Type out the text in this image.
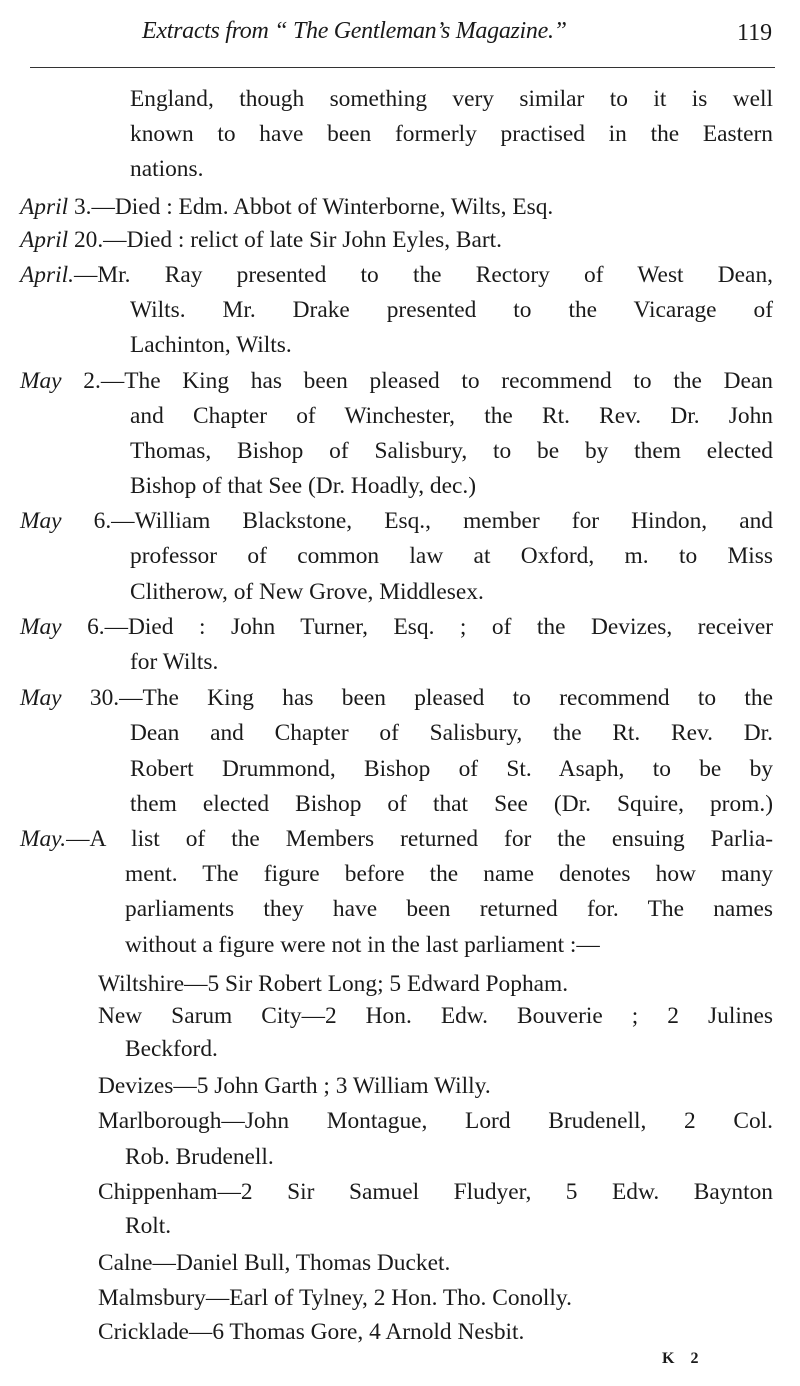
Extracts from “ The Gentleman’s Magazine.”	119
England, though something very similar to it is well
known to have been formerly practised in the Eastern
nations.
April 3.—Died : Edm. Abbot of Winterborne, Wilts, Esq.
April 20.—Died : relict of late Sir John Eyles, Bart.
April.—Mr. Ray presented to the Rectory of West Dean,
Wilts. Mr. Drake presented to the Vicarage of
Lachinton, Wilts.
May 2.—The King has been pleased to recommend to the Dean
and Chapter of Winchester, the Rt. Rev. Dr. John
Thomas, Bishop of Salisbury, to be by them elected
Bishop of that See (Dr. Hoadly, dec.)
May 6.—William Blackstone, Esq., member for Hindon, and
professor of common law at Oxford, m. to Miss
Clitherow, of New Grove, Middlesex.
May 6.—Died : John Turner, Esq. ; of the Devizes, receiver
for Wilts.
May 30.—The King has been pleased to recommend to the
Dean and Chapter of Salisbury, the Rt. Rev. Dr.
Robert Drummond, Bishop of St. Asaph, to be by
them elected Bishop of that See (Dr. Squire, prom.)
May.—A list of the Members returned for the ensuing Parlia-
ment. The figure before the name denotes how many
parliaments they have been returned for. The names
without a figure were not in the last parliament :—
Wiltshire—5 Sir Robert Long; 5 Edward Popham.
New Sarum City—2 Hon. Edw. Bouverie ; 2 Julines
Beckford.
Devizes—5 John Garth ; 3 William Willy.
Marlborough—John Montague, Lord Brudenell, 2 Col.
Rob. Brudenell.
Chippenham—2 Sir Samuel Fludyer, 5 Edw. Baynton
Rolt.
Calne—Daniel Bull, Thomas Ducket.
Malmsbury—Earl of Tylney, 2 Hon. Tho. Conolly.
Cricklade—6 Thomas Gore, 4 Arnold Nesbit.
K 2
